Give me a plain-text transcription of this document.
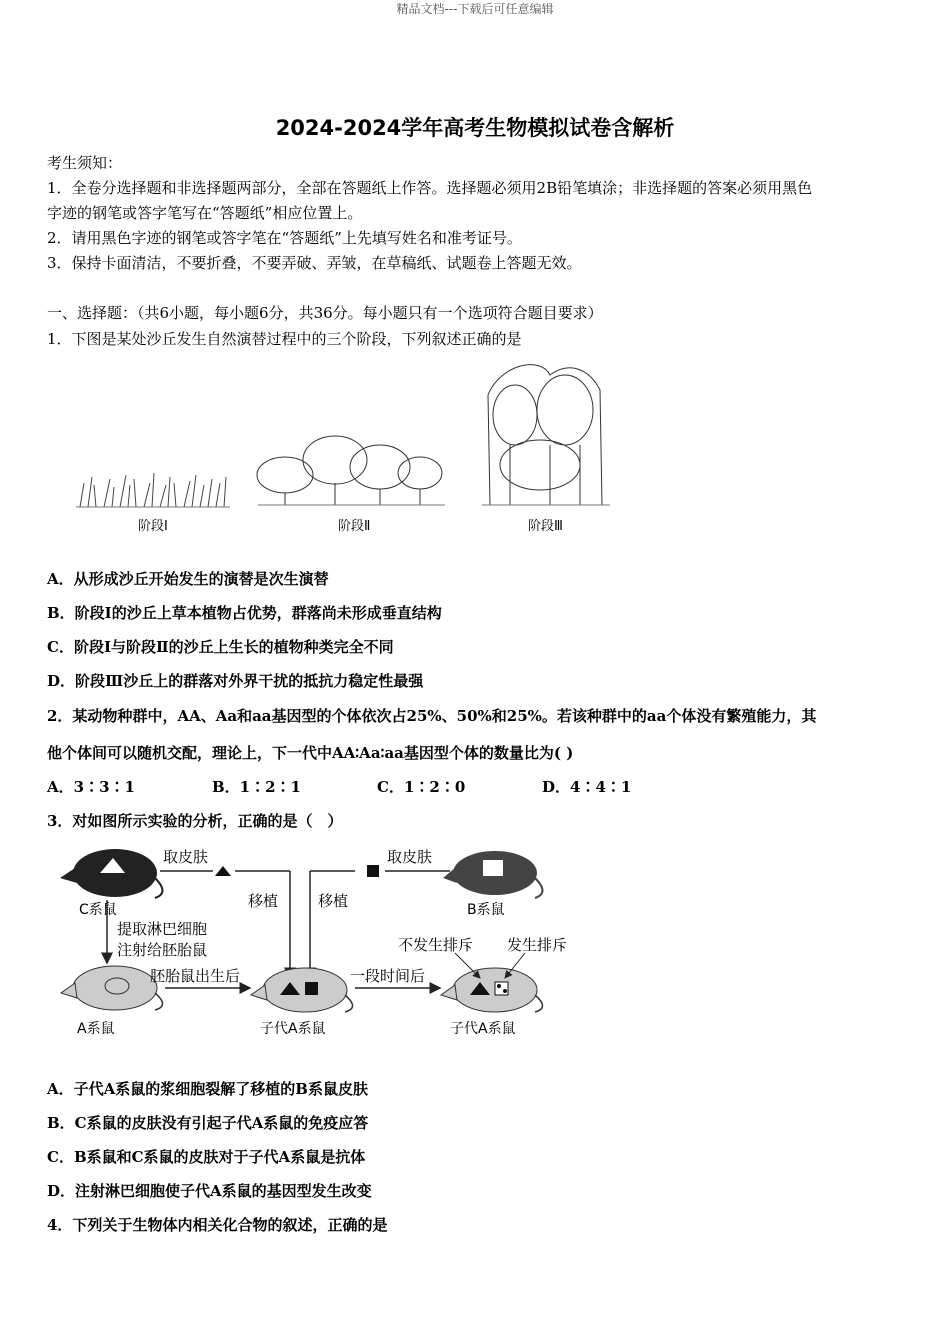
精品文档---下载后可任意编辑
2024-2024学年高考生物模拟试卷含解析
考生须知：
1．全卷分选择题和非选择题两部分，全部在答题纸上作答。选择题必须用2B铅笔填涂；非选择题的答案必须用黑色
字迹的钢笔或答字笔写在“答题纸”相应位置上。
2．请用黑色字迹的钢笔或答字笔在“答题纸”上先填写姓名和准考证号。
3．保持卡面清洁，不要折叠，不要弄破、弄皱，在草稿纸、试题卷上答题无效。
一、选择题：（共6小题，每小题6分，共36分。每小题只有一个选项符合题目要求）
1．下图是某处沙丘发生自然演替过程中的三个阶段，下列叙述正确的是
阶段Ⅰ	阶段Ⅱ	阶段Ⅲ
A．从形成沙丘开始发生的演替是次生演替
B．阶段Ⅰ的沙丘上草本植物占优势，群落尚未形成垂直结构
C．阶段Ⅰ与阶段Ⅱ的沙丘上生长的植物种类完全不同
D．阶段Ⅲ沙丘上的群落对外界干扰的抵抗力稳定性最强
2．某动物种群中，AA、Aa和aa基因型的个体依次占25%、50%和25%。若该种群中的aa个体没有繁殖能力，其
他个体间可以随机交配，理论上，下一代中AA∶Aa∶aa基因型个体的数量比为( )
A．3∶3∶1	B．1∶2∶1	C．1∶2∶0	D．4∶4∶1
3．对如图所示实验的分析，正确的是（　）
取皮肤	取皮肤
移植	移植
C系鼠	B系鼠
提取淋巴细胞
注射给胚胎鼠
胚胎鼠出生后	一段时间后
不发生排斥 发生排斥
A系鼠	子代A系鼠	子代A系鼠
A．子代A系鼠的浆细胞裂解了移植的B系鼠皮肤
B．C系鼠的皮肤没有引起子代A系鼠的免疫应答
C．B系鼠和C系鼠的皮肤对于子代A系鼠是抗体
D．注射淋巴细胞使子代A系鼠的基因型发生改变
4．下列关于生物体内相关化合物的叙述，正确的是
